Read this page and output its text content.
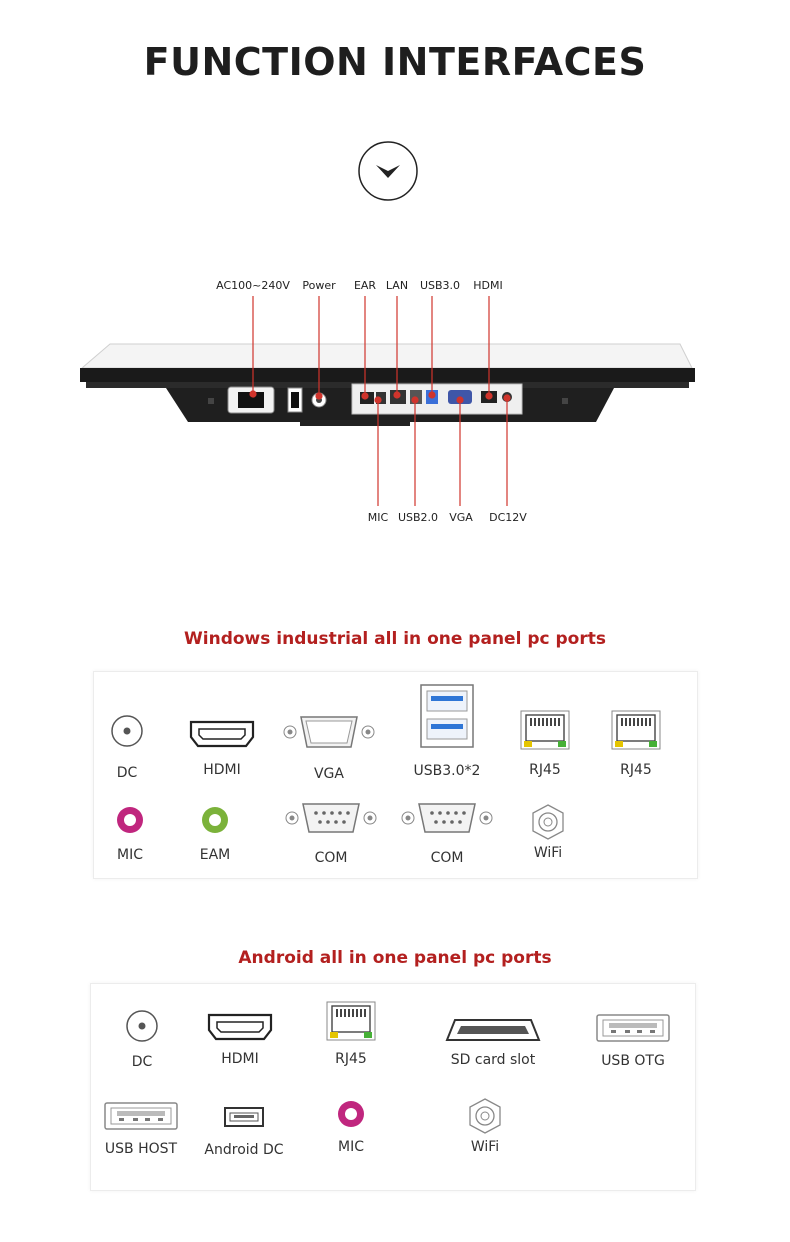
FUNCTION INTERFACES
AC100~240V Power EAR LAN USB3.0 HDMI
MIC USB2.0 VGA DC12V
Windows industrial all in one panel pc ports
DC	HDMI	VGA	USB3.0*2	RJ45	RJ45
MIC	EAM	COM	COM	WiFi
Android all in one panel pc ports
DC	HDMI	RJ45	SD card slot	USB OTG
USB HOST	Android DC	MIC	WiFi
